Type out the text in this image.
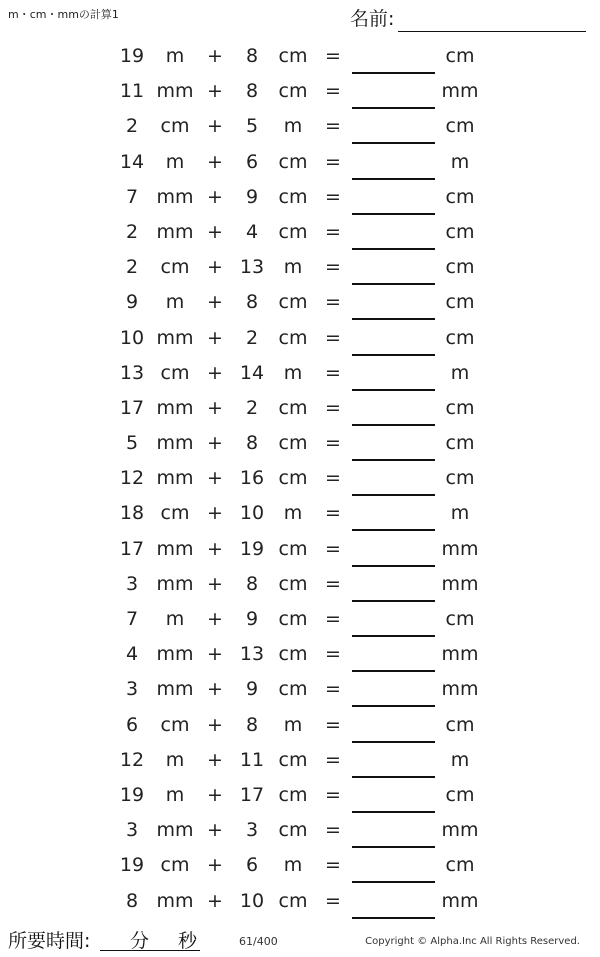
m・cm・mmの計算1	名前:
19	m	+	8	cm =	cm
11 mm +	8	cm =	mm
2	cm +	5	m	=	cm
14	m	+	6	cm =	m
7 mm +	9	cm =	cm
2 mm +	4	cm =	cm
2	cm + 13	m	=	cm
9	m	+	8	cm =	cm
10 mm +	2	cm =	cm
13 cm + 14	m	=	m
17 mm +	2	cm =	cm
5 mm +	8	cm =	cm
12 mm + 16 cm =	cm
18 cm + 10	m	=	m
17 mm + 19 cm =	mm
3 mm +	8	cm =	mm
7	m	+	9	cm =	cm
4 mm + 13 cm =	mm
3 mm +	9	cm =	mm
6	cm +	8	m	=	cm
12	m	+ 11 cm =	m
19	m	+ 17 cm =	cm
3 mm +	3	cm =	mm
19 cm +	6	m	=	cm
8 mm + 10 cm =	mm
所要時間: 分 秒	61/400	Copyright © Alpha.Inc All Rights Reserved.
